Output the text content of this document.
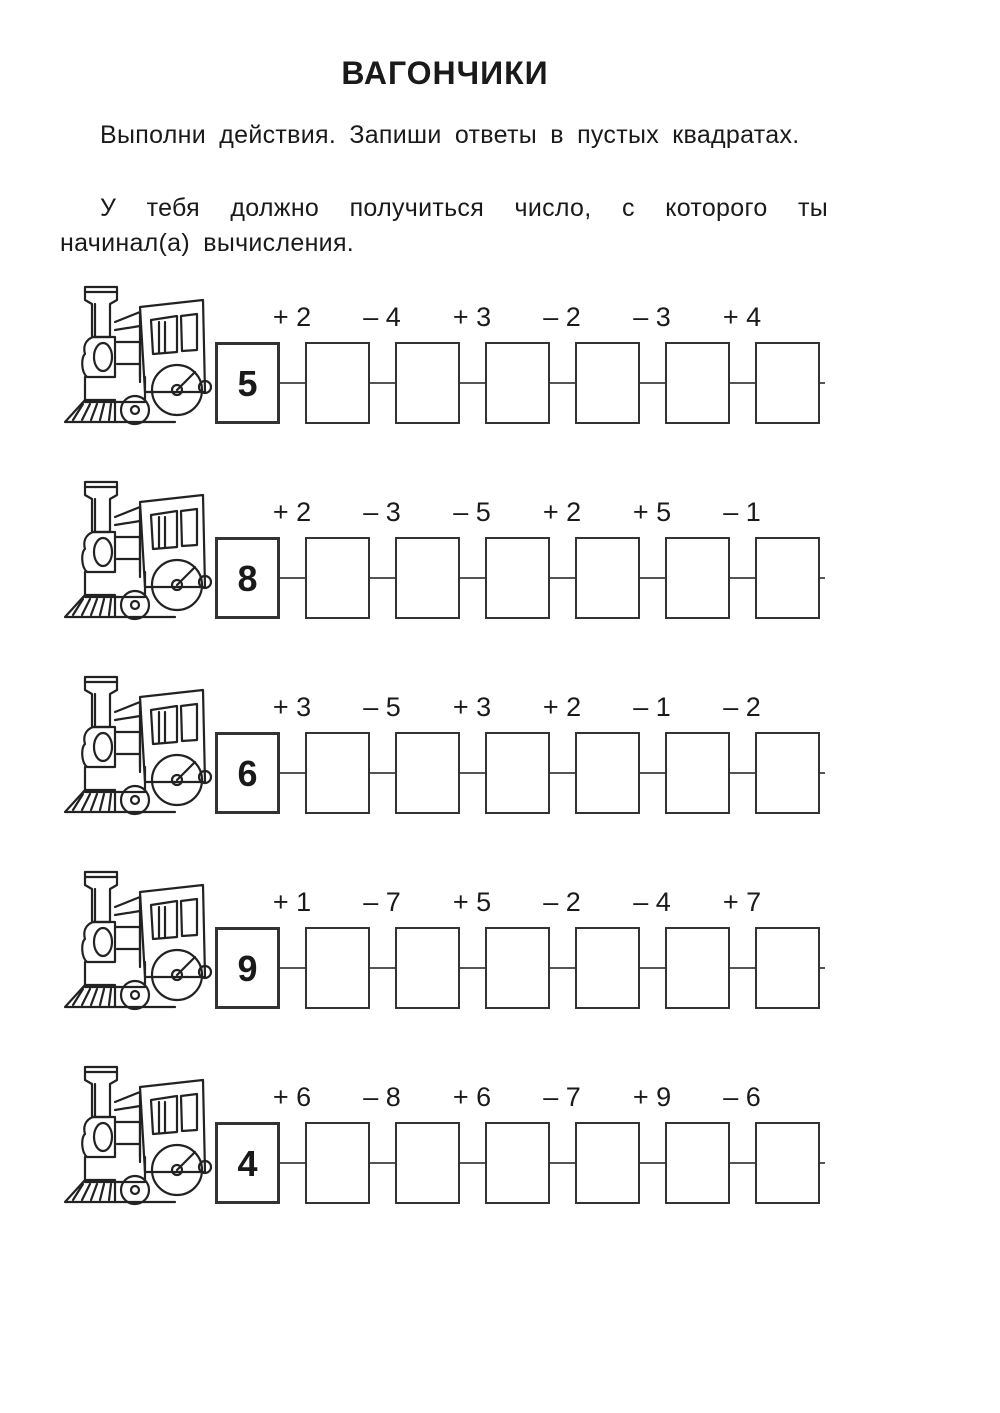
ВАГОНЧИКИ
Выполни действия. Запиши ответы в пустых квадратах.
У тебя должно получиться число, с которого ты начинал(а) вычисления.
+ 2	– 4	+ 3	– 2	– 3	+ 4
5
+ 2	– 3	– 5	+ 2	+ 5	– 1
8
+ 3	– 5	+ 3	+ 2	– 1	– 2
6
+ 1	– 7	+ 5	– 2	– 4	+ 7
9
+ 6	– 8	+ 6	– 7	+ 9	– 6
4
